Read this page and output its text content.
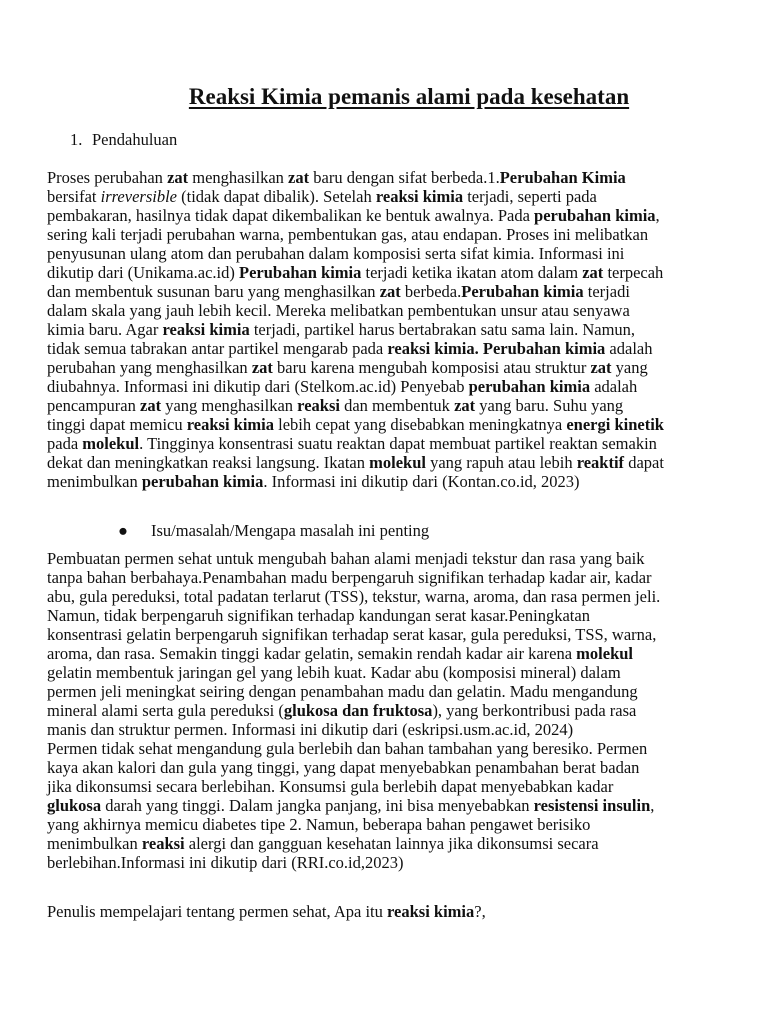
Reaksi Kimia pemanis alami pada kesehatan
1. Pendahuluan
Proses perubahan zat menghasilkan zat baru dengan sifat berbeda.1.Perubahan Kimia
bersifat irreversible (tidak dapat dibalik). Setelah reaksi kimia terjadi, seperti pada
pembakaran, hasilnya tidak dapat dikembalikan ke bentuk awalnya. Pada perubahan kimia,
sering kali terjadi perubahan warna, pembentukan gas, atau endapan. Proses ini melibatkan
penyusunan ulang atom dan perubahan dalam komposisi serta sifat kimia. Informasi ini
dikutip dari (Unikama.ac.id) Perubahan kimia terjadi ketika ikatan atom dalam zat terpecah
dan membentuk susunan baru yang menghasilkan zat berbeda.Perubahan kimia terjadi
dalam skala yang jauh lebih kecil. Mereka melibatkan pembentukan unsur atau senyawa
kimia baru. Agar reaksi kimia terjadi, partikel harus bertabrakan satu sama lain. Namun,
tidak semua tabrakan antar partikel mengarab pada reaksi kimia. Perubahan kimia adalah
perubahan yang menghasilkan zat baru karena mengubah komposisi atau struktur zat yang
diubahnya. Informasi ini dikutip dari (Stelkom.ac.id) Penyebab perubahan kimia adalah
pencampuran zat yang menghasilkan reaksi dan membentuk zat yang baru. Suhu yang
tinggi dapat memicu reaksi kimia lebih cepat yang disebabkan meningkatnya energi kinetik
pada molekul. Tingginya konsentrasi suatu reaktan dapat membuat partikel reaktan semakin
dekat dan meningkatkan reaksi langsung. Ikatan molekul yang rapuh atau lebih reaktif dapat
menimbulkan perubahan kimia. Informasi ini dikutip dari (Kontan.co.id, 2023)
● Isu/masalah/Mengapa masalah ini penting
Pembuatan permen sehat untuk mengubah bahan alami menjadi tekstur dan rasa yang baik
tanpa bahan berbahaya.Penambahan madu berpengaruh signifikan terhadap kadar air, kadar
abu, gula pereduksi, total padatan terlarut (TSS), tekstur, warna, aroma, dan rasa permen jeli.
Namun, tidak berpengaruh signifikan terhadap kandungan serat kasar.Peningkatan
konsentrasi gelatin berpengaruh signifikan terhadap serat kasar, gula pereduksi, TSS, warna,
aroma, dan rasa. Semakin tinggi kadar gelatin, semakin rendah kadar air karena molekul
gelatin membentuk jaringan gel yang lebih kuat. Kadar abu (komposisi mineral) dalam
permen jeli meningkat seiring dengan penambahan madu dan gelatin. Madu mengandung
mineral alami serta gula pereduksi (glukosa dan fruktosa), yang berkontribusi pada rasa
manis dan struktur permen. Informasi ini dikutip dari (eskripsi.usm.ac.id, 2024)
Permen tidak sehat mengandung gula berlebih dan bahan tambahan yang beresiko. Permen
kaya akan kalori dan gula yang tinggi, yang dapat menyebabkan penambahan berat badan
jika dikonsumsi secara berlebihan. Konsumsi gula berlebih dapat menyebabkan kadar
glukosa darah yang tinggi. Dalam jangka panjang, ini bisa menyebabkan resistensi insulin,
yang akhirnya memicu diabetes tipe 2. Namun, beberapa bahan pengawet berisiko
menimbulkan reaksi alergi dan gangguan kesehatan lainnya jika dikonsumsi secara
berlebihan.Informasi ini dikutip dari (RRI.co.id,2023)
Penulis mempelajari tentang permen sehat, Apa itu reaksi kimia?,
